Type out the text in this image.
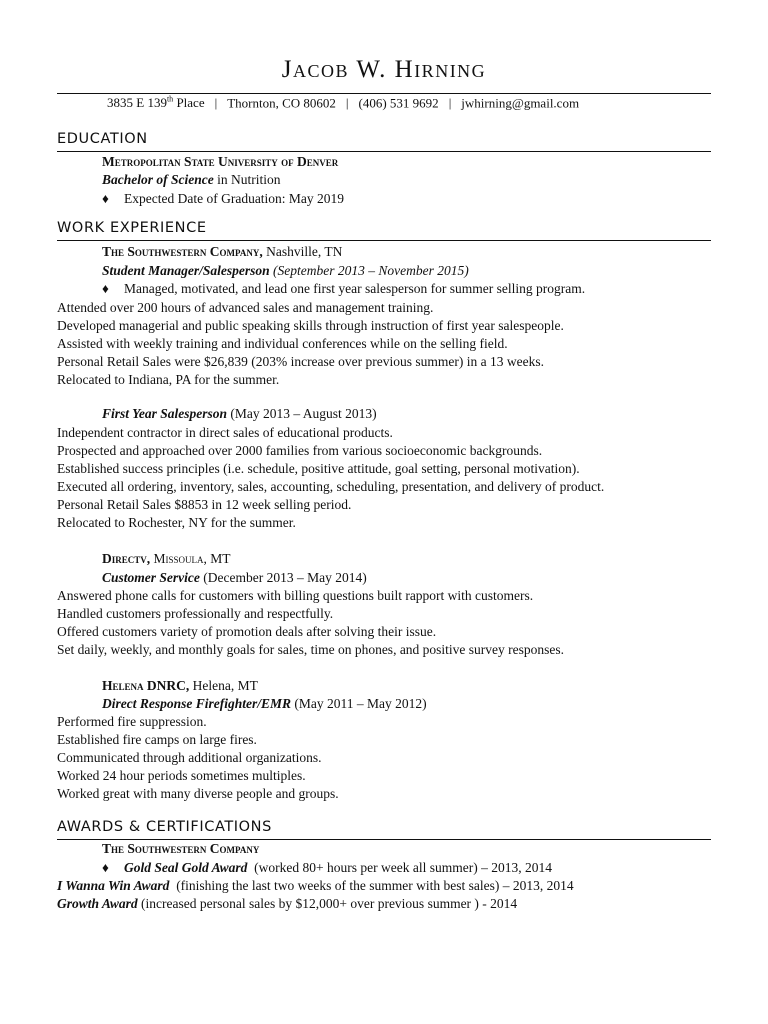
Jacob W. Hirning
3835 E 139th Place | Thornton, CO 80602 | (406) 531 9692 | jwhirning@gmail.com
EDUCATION
Metropolitan State University of Denver
Bachelor of Science in Nutrition
♦ Expected Date of Graduation: May 2019
WORK EXPERIENCE
The Southwestern Company, Nashville, TN
Student Manager/Salesperson (September 2013 – November 2015)
♦ Managed, motivated, and lead one first year salesperson for summer selling program.
Attended over 200 hours of advanced sales and management training.
Developed managerial and public speaking skills through instruction of first year salespeople.
Assisted with weekly training and individual conferences while on the selling field.
Personal Retail Sales were $26,839 (203% increase over previous summer) in a 13 weeks.
Relocated to Indiana, PA for the summer.
First Year Salesperson (May 2013 – August 2013)
Independent contractor in direct sales of educational products.
Prospected and approached over 2000 families from various socioeconomic backgrounds.
Established success principles (i.e. schedule, positive attitude, goal setting, personal motivation).
Executed all ordering, inventory, sales, accounting, scheduling, presentation, and delivery of product.
Personal Retail Sales $8853 in 12 week selling period.
Relocated to Rochester, NY for the summer.
Directv, Missoula, MT
Customer Service (December 2013 – May 2014)
Answered phone calls for customers with billing questions built rapport with customers.
Handled customers professionally and respectfully.
Offered customers variety of promotion deals after solving their issue.
Set daily, weekly, and monthly goals for sales, time on phones, and positive survey responses.
Helena DNRC, Helena, MT
Direct Response Firefighter/EMR (May 2011 – May 2012)
Performed fire suppression.
Established fire camps on large fires.
Communicated through additional organizations.
Worked 24 hour periods sometimes multiples.
Worked great with many diverse people and groups.
AWARDS & CERTIFICATIONS
The Southwestern Company
♦ Gold Seal Gold Award  (worked 80+ hours per week all summer) – 2013, 2014
I Wanna Win Award  (finishing the last two weeks of the summer with best sales) – 2013, 2014
Growth Award (increased personal sales by $12,000+ over previous summer ) - 2014
